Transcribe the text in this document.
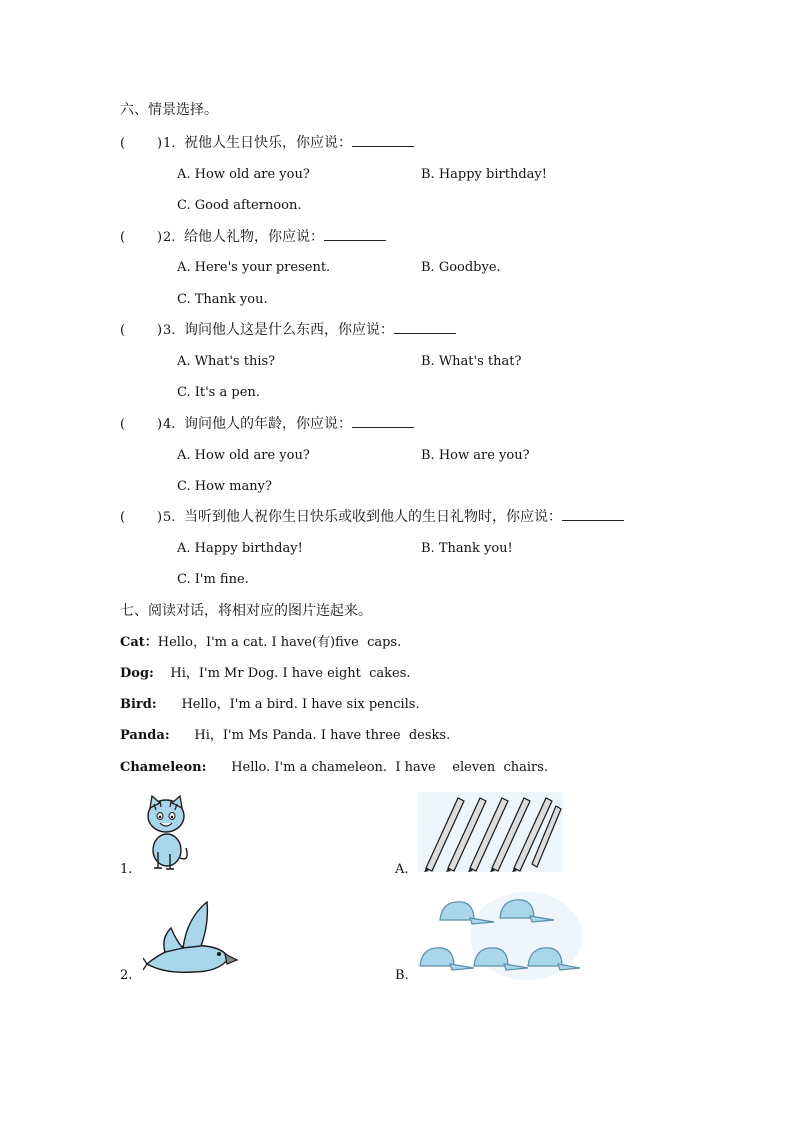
六、情景选择。
( ) 1. 祝他人生日快乐，你应说：
A. How old are you?	B. Happy birthday!
C. Good afternoon.
( ) 2. 给他人礼物，你应说：
A. Here's your present.	B. Goodbye.
C. Thank you.
( ) 3. 询问他人这是什么东西，你应说：
A. What's this?	B. What's that?
C. It's a pen.
( ) 4. 询问他人的年龄，你应说：
A. How old are you?	B. How are you?
C. How many?
( ) 5. 当听到他人祝你生日快乐或收到他人的生日礼物时，你应说：
A. Happy birthday!	B. Thank you!
C. I'm fine.
七、阅读对话，将相对应的图片连起来。
Cat：Hello，I'm a cat. I have(有)five  caps.
Dog: Hi，I'm Mr Dog. I have eight  cakes.
Bird: Hello，I'm a bird. I have six pencils.
Panda: Hi，I'm Ms Panda. I have three  desks.
Chameleon: Hello. I'm a chameleon.  I have    eleven  chairs.
1.	A.
2.	B.
